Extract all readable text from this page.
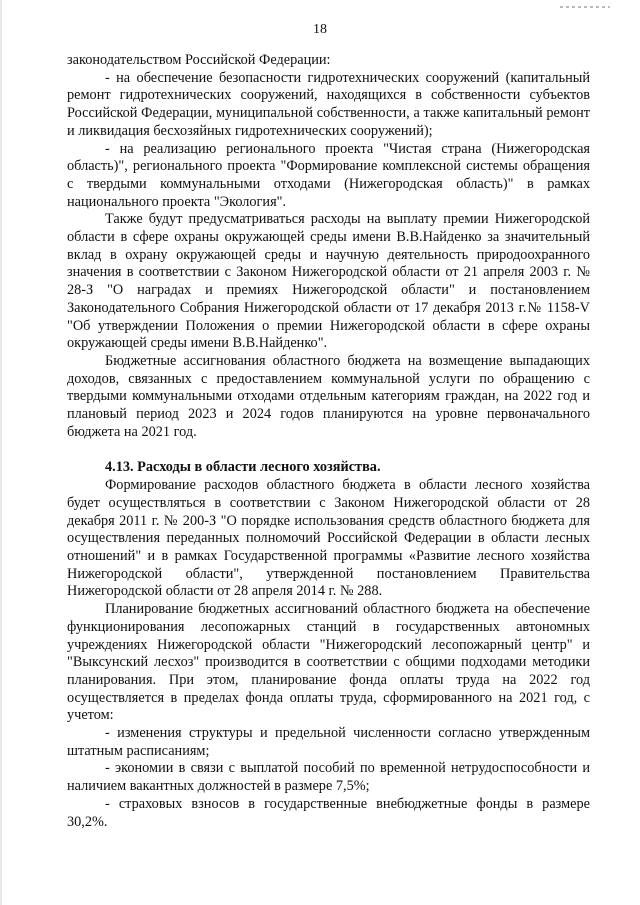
18

законодательством Российской Федерации:

- на обеспечение безопасности гидротехнических сооружений (капитальный ремонт гидротехнических сооружений, находящихся в собственности субъектов Российской Федерации, муниципальной собственности, а также капитальный ремонт и ликвидация бесхозяйных гидротехнических сооружений);

- на реализацию регионального проекта "Чистая страна (Нижегородская область)", регионального проекта "Формирование комплексной системы обращения с твердыми коммунальными отходами (Нижегородская область)" в рамках национального проекта "Экология".

Также будут предусматриваться расходы на выплату премии Нижегородской области в сфере охраны окружающей среды имени В.В.Найденко за значительный вклад в охрану окружающей среды и научную деятельность природоохранного значения в соответствии с Законом Нижегородской области от 21 апреля 2003 г. № 28-З "О наградах и премиях Нижегородской области" и постановлением Законодательного Собрания Нижегородской области от 17 декабря 2013 г.№ 1158-V "Об утверждении Положения о премии Нижегородской области в сфере охраны окружающей среды имени В.В.Найденко".

Бюджетные ассигнования областного бюджета на возмещение выпадающих доходов, связанных с предоставлением коммунальной услуги по обращению с твердыми коммунальными отходами отдельным категориям граждан, на 2022 год и плановый период 2023 и 2024 годов планируются на уровне первоначального бюджета на 2021 год.

4.13. Расходы в области лесного хозяйства.

Формирование расходов областного бюджета в области лесного хозяйства будет осуществляться в соответствии с Законом Нижегородской области от 28 декабря 2011 г. № 200-З "О порядке использования средств областного бюджета для осуществления переданных полномочий Российской Федерации в области лесных отношений" и в рамках Государственной программы «Развитие лесного хозяйства Нижегородской области", утвержденной постановлением Правительства Нижегородской области от 28 апреля 2014 г. № 288.

Планирование бюджетных ассигнований областного бюджета на обеспечение функционирования лесопожарных станций в государственных автономных учреждениях Нижегородской области "Нижегородский лесопожарный центр" и "Выксунский лесхоз" производится в соответствии с общими подходами методики планирования. При этом, планирование фонда оплаты труда на 2022 год осуществляется в пределах фонда оплаты труда, сформированного на 2021 год, с учетом:

- изменения структуры и предельной численности согласно утвержденным штатным расписаниям;

- экономии в связи с выплатой пособий по временной нетрудоспособности и наличием вакантных должностей в размере 7,5%;

- страховых взносов в государственные внебюджетные фонды в размере 30,2%.
